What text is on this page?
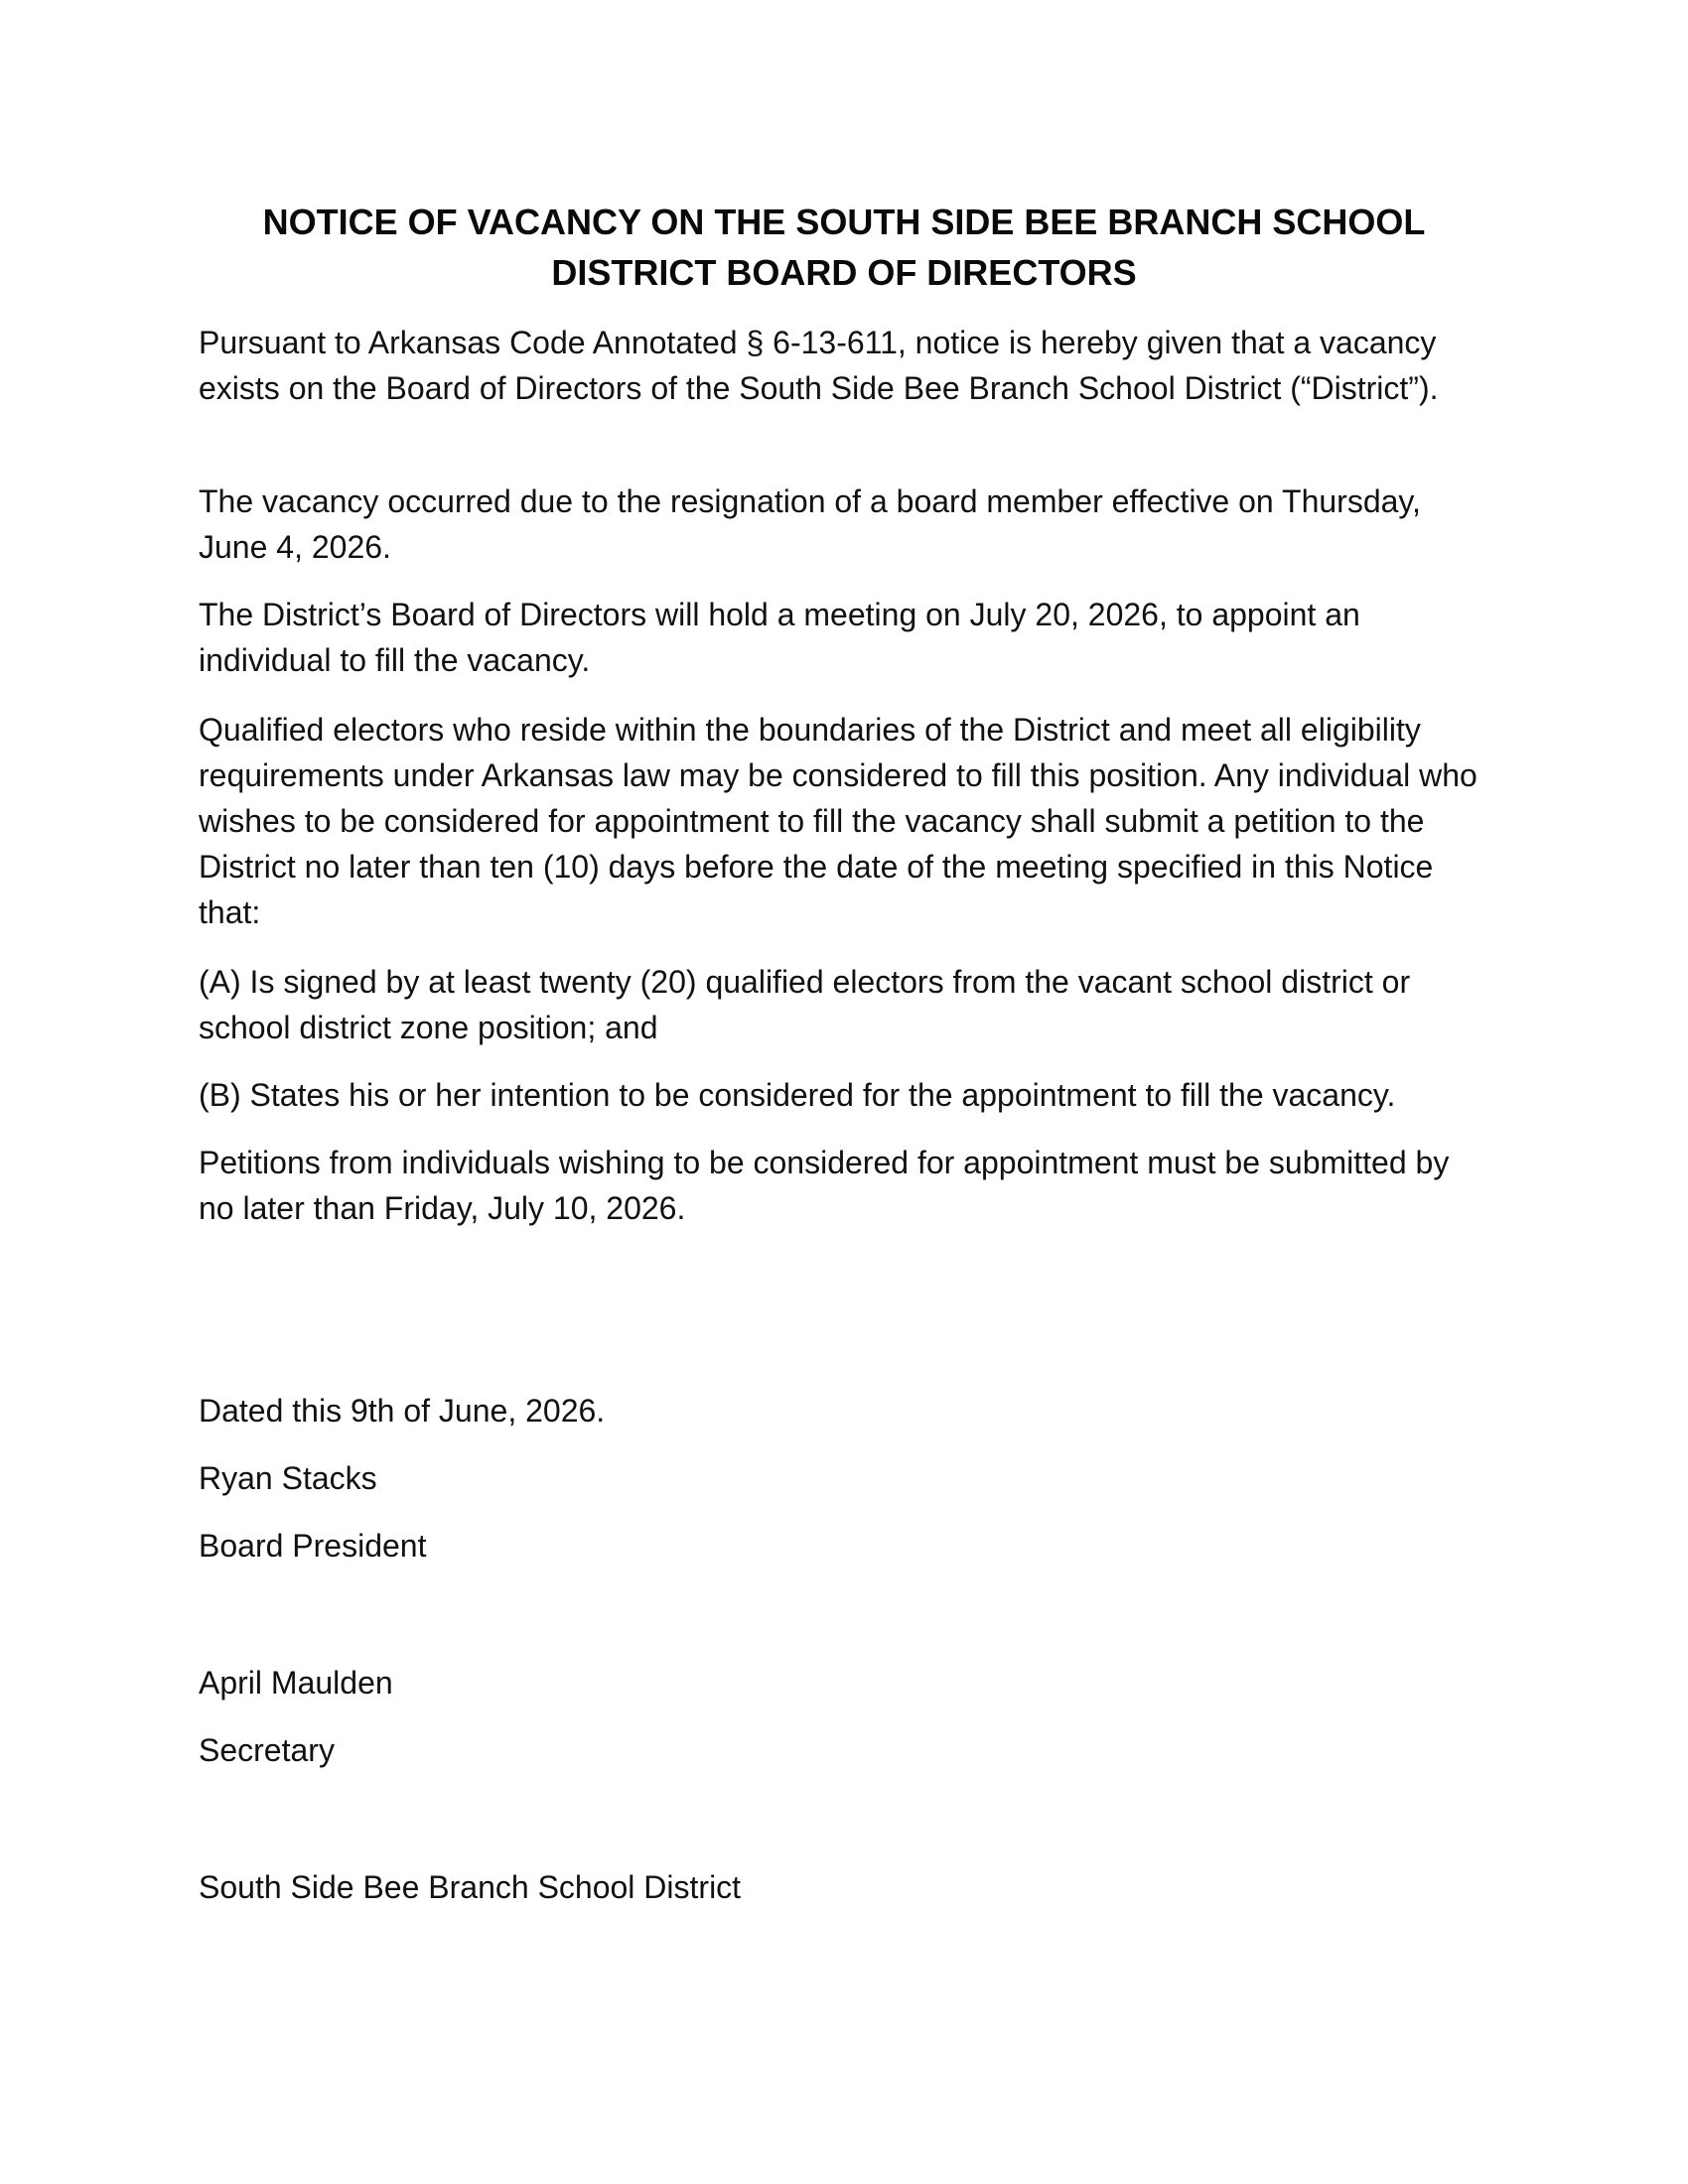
NOTICE OF VACANCY ON THE SOUTH SIDE BEE BRANCH SCHOOL DISTRICT BOARD OF DIRECTORS

Pursuant to Arkansas Code Annotated § 6-13-611, notice is hereby given that a vacancy exists on the Board of Directors of the South Side Bee Branch School District (“District”).

The vacancy occurred due to the resignation of a board member effective on Thursday, June 4, 2026.

The District’s Board of Directors will hold a meeting on July 20, 2026, to appoint an individual to fill the vacancy.

Qualified electors who reside within the boundaries of the District and meet all eligibility requirements under Arkansas law may be considered to fill this position. Any individual who wishes to be considered for appointment to fill the vacancy shall submit a petition to the District no later than ten (10) days before the date of the meeting specified in this Notice that:

(A) Is signed by at least twenty (20) qualified electors from the vacant school district or school district zone position; and

(B) States his or her intention to be considered for the appointment to fill the vacancy.

Petitions from individuals wishing to be considered for appointment must be submitted by no later than Friday, July 10, 2026.

Dated this 9th of June, 2026.

Ryan Stacks

Board President

April Maulden

Secretary

South Side Bee Branch School District
